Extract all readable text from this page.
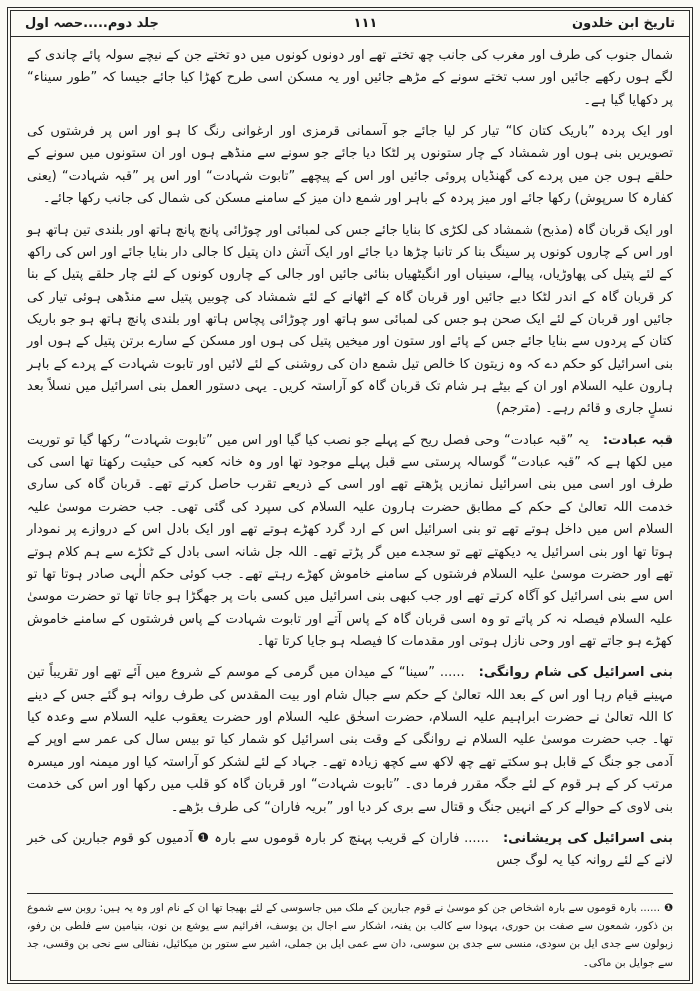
تاریخ ابن خلدون
۱۱۱
جلد دوم.....حصہ اول

شمال جنوب کی طرف اور مغرب کی جانب چھ تختے تھے اور دونوں کونوں میں دو تختے جن کے نیچے سولہ پائے چاندی کے لگے ہوں رکھے جائیں اور سب تختے سونے کے مڑھے جائیں اور یہ مسکن اسی طرح کھڑا کیا جائے جیسا کہ ”طور سیناء“ پر دکھایا گیا ہے۔

اور ایک پردہ ”باریک کتان کا“ تیار کر لیا جائے جو آسمانی قرمزی اور ارغوانی رنگ کا ہو اور اس پر فرشتوں کی تصویریں بنی ہوں اور شمشاد کے چار ستونوں پر لٹکا دیا جائے جو سونے سے منڈھے ہوں اور ان ستونوں میں سونے کے حلقے ہوں جن میں پردے کی گھنڈیاں پروئی جائیں اور اس کے پیچھے ”تابوت شہادت“ اور اس پر ”قبہ شہادت“ (یعنی کفارہ کا سرپوش) رکھا جائے اور میز پردہ کے باہر اور شمع دان میز کے سامنے مسکن کی شمال کی جانب رکھا جائے۔

اور ایک قربان گاہ (مذبح) شمشاد کی لکڑی کا بنایا جائے جس کی لمبائی اور چوڑائی پانچ پانچ ہاتھ اور بلندی تین ہاتھ ہو اور اس کے چاروں کونوں پر سینگ بنا کر تانبا چڑھا دیا جائے اور ایک آتش دان پتیل کا جالی دار بنایا جائے اور اس کی راکھ کے لئے پتیل کی پھاوڑیاں، پیالے، سینیاں اور انگیٹھیاں بنائی جائیں اور جالی کے چاروں کونوں کے لئے چار حلقے پتیل کے بنا کر قربان گاہ کے اندر لٹکا دیے جائیں اور قربان گاہ کے اٹھانے کے لئے شمشاد کی چوبیں پتیل سے منڈھی ہوئی تیار کی جائیں اور قربان کے لئے ایک صحن ہو جس کی لمبائی سو ہاتھ اور چوڑائی پچاس ہاتھ اور بلندی پانچ ہاتھ ہو جو باریک کتان کے پردوں سے بنایا جائے جس کے پائے اور ستون اور میخیں پتیل کی ہوں اور مسکن کے سارے برتن پتیل کے ہوں اور بنی اسرائیل کو حکم دے کہ وہ زیتون کا خالص تیل شمع دان کی روشنی کے لئے لائیں اور تابوت شہادت کے پردے کے باہر ہارون علیہ السلام اور ان کے بیٹے ہر شام تک قربان گاہ کو آراستہ کریں۔ یہی دستور العمل بنی اسرائیل میں نسلاً بعد نسلٍ جاری و قائم رہے۔ (مترجم)

قبہ عبادت:یہ ”قبہ عبادت“ وحی فصل ریح کے پہلے جو نصب کیا گیا اور اس میں ”تابوت شہادت“ رکھا گیا تو توریت میں لکھا ہے کہ ”قبہ عبادت“ گوسالہ پرستی سے قبل پہلے موجود تھا اور وہ خانہ کعبہ کی حیثیت رکھتا تھا اسی کی طرف اور اسی میں بنی اسرائیل نمازیں پڑھتے تھے اور اسی کے ذریعے تقرب حاصل کرتے تھے۔ قربان گاہ کی ساری خدمت اللہ تعالیٰ کے حکم کے مطابق حضرت ہارون علیہ السلام کی سپرد کی گئی تھی۔ جب حضرت موسیٰ علیہ السلام اس میں داخل ہوتے تھے تو بنی اسرائیل اس کے ارد گرد کھڑے ہوتے تھے اور ایک بادل اس کے دروازے پر نمودار ہوتا تھا اور بنی اسرائیل یہ دیکھتے تھے تو سجدے میں گر پڑتے تھے۔ اللہ جل شانہ اسی بادل کے ٹکڑے سے ہم کلام ہوتے تھے اور حضرت موسیٰ علیہ السلام فرشتوں کے سامنے خاموش کھڑے رہتے تھے۔ جب کوئی حکم الٰہی صادر ہوتا تھا تو اس سے بنی اسرائیل کو آگاہ کرتے تھے اور جب کبھی بنی اسرائیل میں کسی بات پر جھگڑا ہو جاتا تھا تو حضرت موسیٰ علیہ السلام فیصلہ نہ کر پاتے تو وہ اسی قربان گاہ کے پاس آتے اور تابوت شہادت کے پاس فرشتوں کے سامنے خاموش کھڑے ہو جاتے تھے اور وحی نازل ہوتی اور مقدمات کا فیصلہ ہو جایا کرتا تھا۔

بنی اسرائیل کی شام روانگی:...... ”سینا“ کے میدان میں گرمی کے موسم کے شروع میں آئے تھے اور تقریباً تین مہینے قیام رہا اور اس کے بعد اللہ تعالیٰ کے حکم سے جبال شام اور بیت المقدس کی طرف روانہ ہو گئے جس کے دینے کا اللہ تعالیٰ نے حضرت ابراہیم علیہ السلام، حضرت اسحٰق علیہ السلام اور حضرت یعقوب علیہ السلام سے وعدہ کیا تھا۔ جب حضرت موسیٰ علیہ السلام نے روانگی کے وقت بنی اسرائیل کو شمار کیا تو بیس سال کی عمر سے اوپر کے آدمی جو جنگ کے قابل ہو سکتے تھے چھ لاکھ سے کچھ زیادہ تھے۔ جہاد کے لئے لشکر کو آراستہ کیا اور میمنہ اور میسرہ مرتب کر کے ہر قوم کے لئے جگہ مقرر فرما دی۔ ”تابوت شہادت“ اور قربان گاہ کو قلب میں رکھا اور اس کی خدمت بنی لاوی کے حوالے کر کے انہیں جنگ و قتال سے بری کر دیا اور ”بریہ فاران“ کی طرف بڑھے۔

بنی اسرائیل کی پریشانی:...... فاران کے قریب پہنچ کر بارہ قوموں سے بارہ ❶ آدمیوں کو قوم جبارین کی خبر لانے کے لئے روانہ کیا یہ لوگ جس

❶...... بارہ قوموں سے بارہ اشخاص جن کو موسیٰ نے قوم جبارین کے ملک میں جاسوسی کے لئے بھیجا تھا ان کے نام اور وہ یہ ہیں: روبن سے شموع بن ذکور، شمعون سے صفت بن حوری، یہودا سے کالب بن یفنہ، اشکار سے اجال بن یوسف، افرائیم سے یوشع بن نون، بنیامین سے فلطی بن رفو، زبولون سے جدی ایل بن سودی، منسی سے جدی بن سوسی، دان سے عمی ایل بن جملی، اشیر سے ستور بن میکائیل، نفتالی سے نحی بن وقسی، جد سے جوایل بن ماکی۔
